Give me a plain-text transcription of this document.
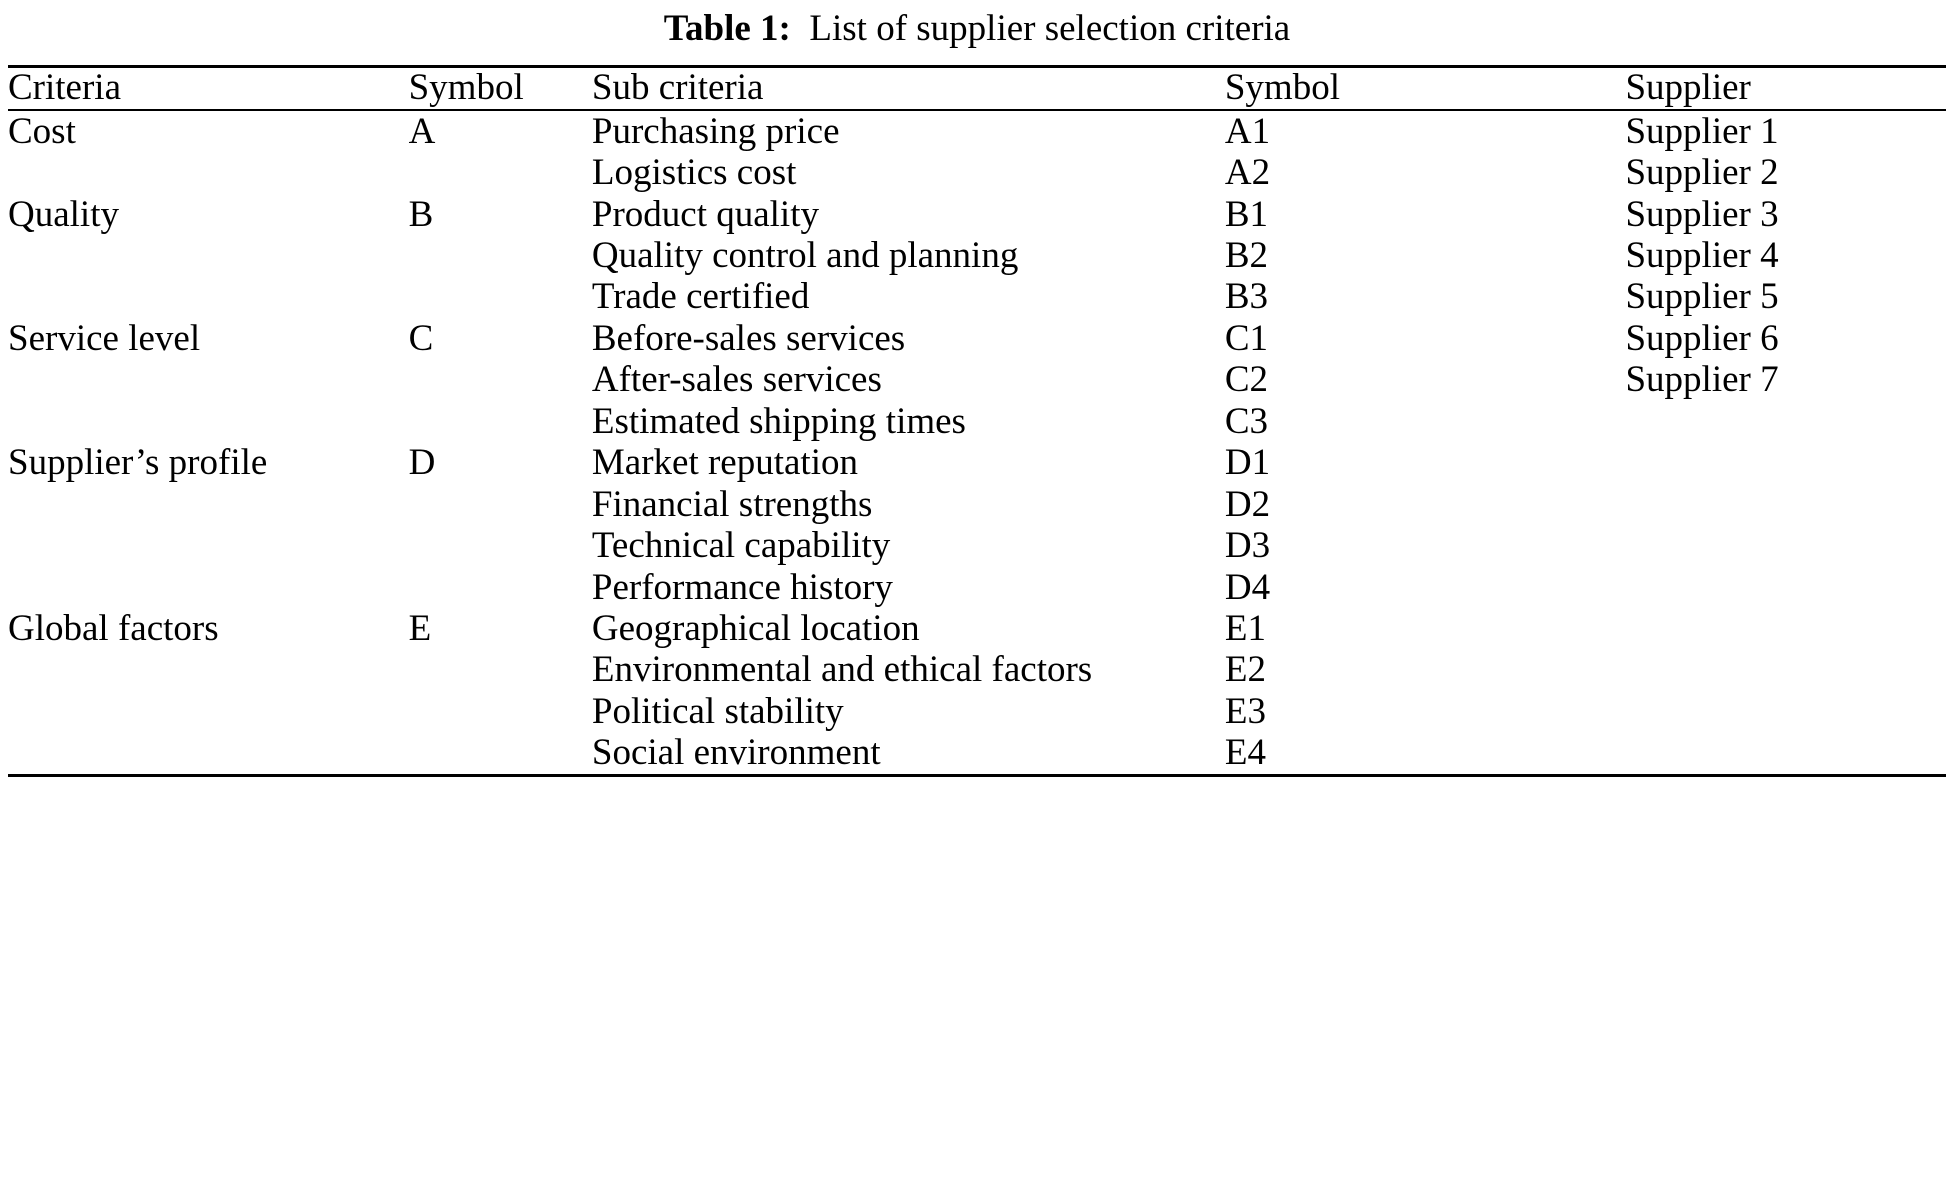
Table 1: List of supplier selection criteria
Criteria	Symbol	Sub criteria	Symbol	Supplier
Cost	A	Purchasing price	A1	Supplier 1
		Logistics cost	A2	Supplier 2
Quality	B	Product quality	B1	Supplier 3
		Quality control and planning	B2	Supplier 4
		Trade certified	B3	Supplier 5
Service level	C	Before-sales services	C1	Supplier 6
		After-sales services	C2	Supplier 7
		Estimated shipping times	C3	
Supplier’s profile	D	Market reputation	D1	
		Financial strengths	D2	
		Technical capability	D3	
		Performance history	D4	
Global factors	E	Geographical location	E1	
		Environmental and ethical factors	E2	
		Political stability	E3	
		Social environment	E4	
